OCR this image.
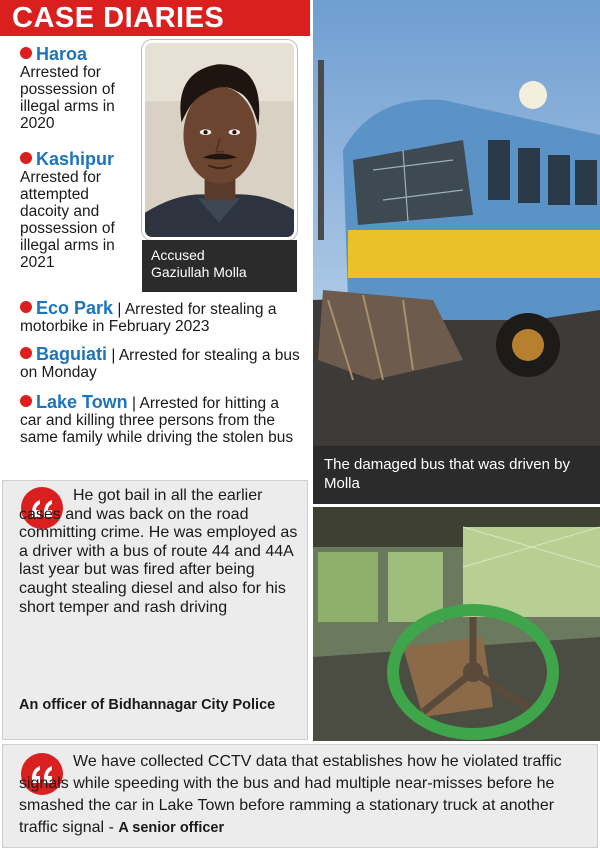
CASE DIARIES
Haroa
Arrested for possession of illegal arms in 2020
Kashipur
Arrested for attempted dacoity and possession of illegal arms in 2021
Eco Park | Arrested for stealing a motorbike in February 2023
Baguiati | Arrested for stealing a bus on Monday
Lake Town | Arrested for hitting a car and killing three persons from the same family while driving the stolen bus
Accused
Gaziullah Molla
The damaged bus that was driven by Molla
He got bail in all the earlier cases and was back on the road committing crime. He was employed as a driver with a bus of route 44 and 44A last year but was fired after being caught stealing diesel and also for his short temper and rash driving
An officer of Bidhannagar City Police
We have collected CCTV data that establishes how he violated traffic signals while speeding with the bus and had multiple near-misses before he smashed the car in Lake Town before ramming a stationary truck at another traffic signal - A senior officer
